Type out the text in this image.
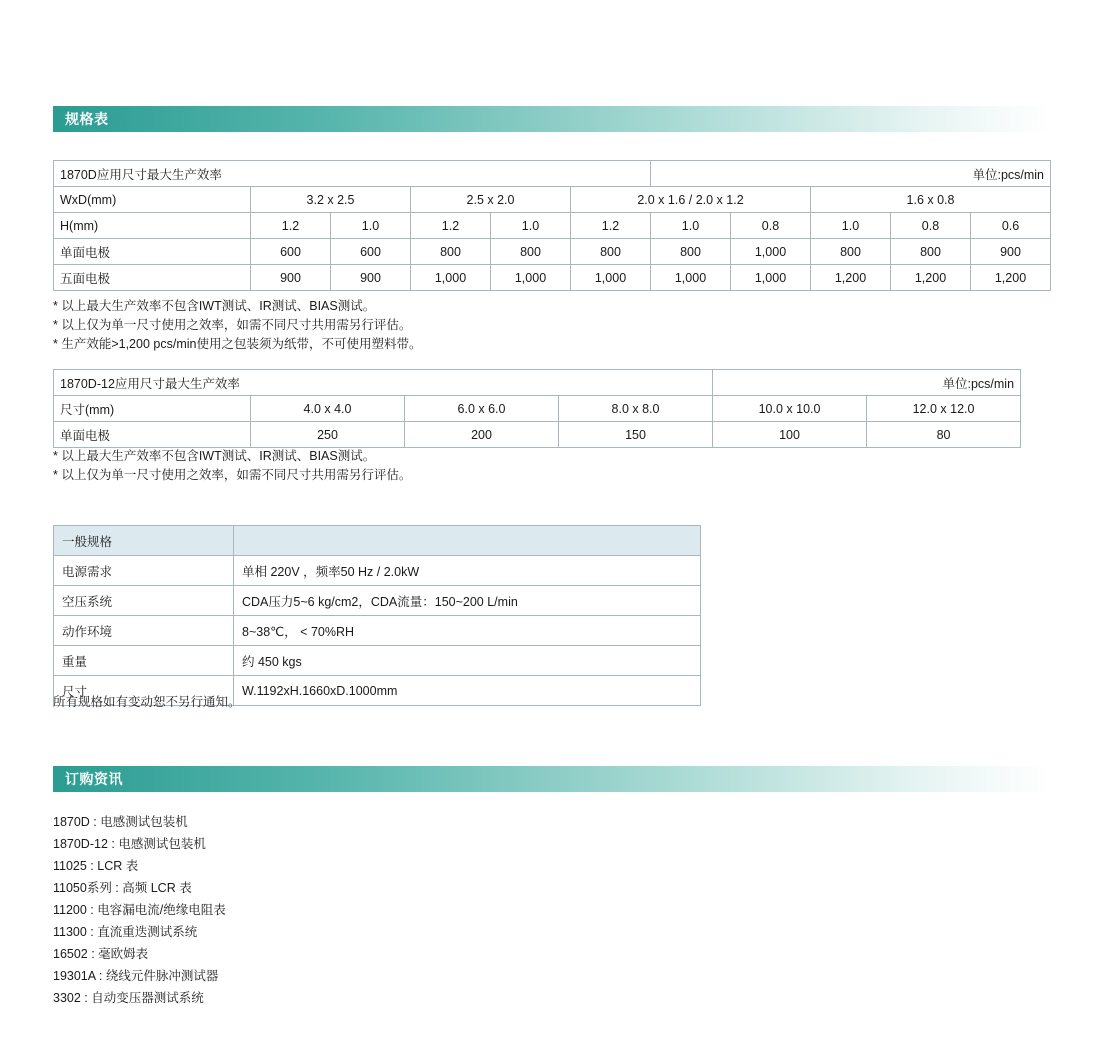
规格表
1870D应用尺寸最大生产效率						单位:pcs/min				
WxD(mm)	3.2 x 2.5		2.5 x 2.0		2.0 x 1.6 / 2.0 x 1.2			1.6 x 0.8		
H(mm)	1.2	1.0	1.2	1.0	1.2	1.0	0.8	1.0	0.8	0.6
单面电极	600	600	800	800	800	800	1,000	800	800	900
五面电极	900	900	1,000	1,000	1,000	1,000	1,000	1,200	1,200	1,200
* 以上最大生产效率不包含IWT测试、IR测试、BIAS测试。
* 以上仅为单一尺寸使用之效率，如需不同尺寸共用需另行评估。
* 生产效能>1,200 pcs/min使用之包装须为纸带，不可使用塑料带。
1870D-12应用尺寸最大生产效率				单位:pcs/min	
尺寸(mm)	4.0 x 4.0	6.0 x 6.0	8.0 x 8.0	10.0 x 10.0	12.0 x 12.0
单面电极	250	200	150	100	80
* 以上最大生产效率不包含IWT测试、IR测试、BIAS测试。
* 以上仅为单一尺寸使用之效率，如需不同尺寸共用需另行评估。
一般规格	
电源需求	单相 220V ，频率50 Hz / 2.0kW
空压系统	CDA压力5~6 kg/cm2，CDA流量：150~200 L/min
动作环境	8~38℃， < 70%RH
重量	约 450 kgs
尺寸	W.1192xH.1660xD.1000mm
所有规格如有变动恕不另行通知。
订购资讯
1870D : 电感测试包装机
1870D-12 : 电感测试包装机
11025 : LCR 表
11050系列 : 高频 LCR 表
11200 : 电容漏电流/绝缘电阻表
11300 : 直流重迭测试系统
16502 : 毫欧姆表
19301A : 绕线元件脉冲测试器
3302 : 自动变压器测试系统
